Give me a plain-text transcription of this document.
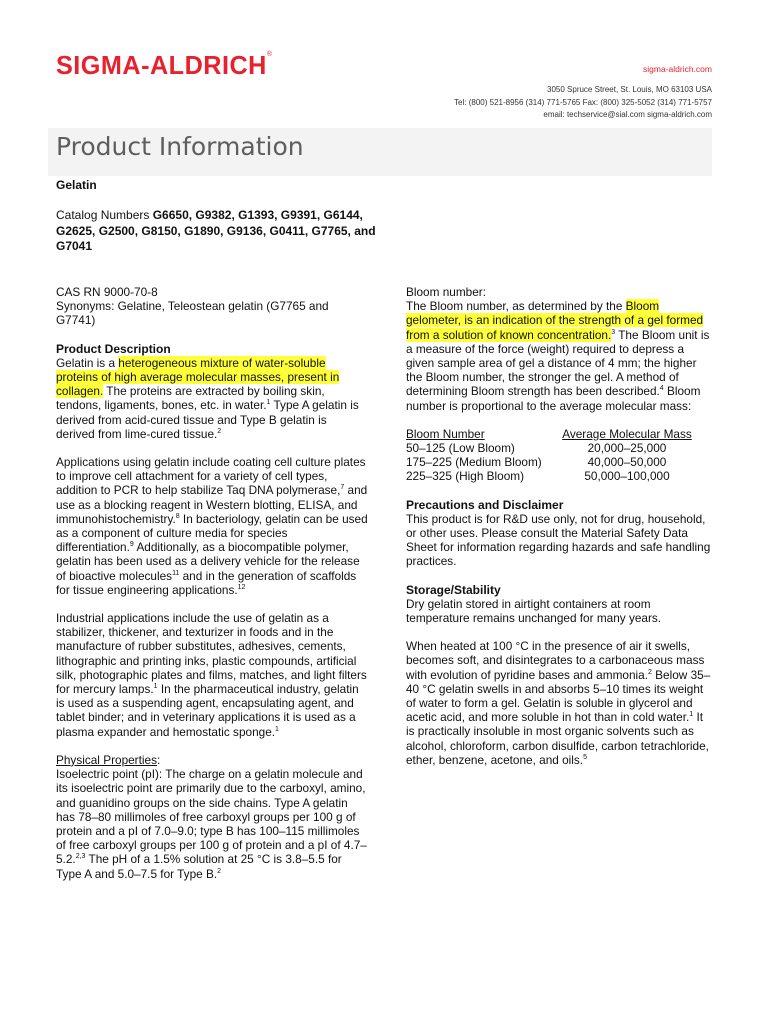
SIGMA-ALDRICH®
sigma-aldrich.com
3050 Spruce Street, St. Louis, MO 63103 USA
Tel: (800) 521-8956 (314) 771-5765 Fax: (800) 325-5052 (314) 771-5757
email: techservice@sial.com sigma-aldrich.com
Product Information
Gelatin
Catalog Numbers G6650, G9382, G1393, G9391, G6144, G2625, G2500, G8150, G1890, G9136, G0411, G7765, and G7041
CAS RN 9000-70-8

Synonyms: Gelatine, Teleostean gelatin (G7765 and G7741)

Product Description

Gelatin is a heterogeneous mixture of water-soluble proteins of high average molecular masses, present in collagen. The proteins are extracted by boiling skin, tendons, ligaments, bones, etc. in water.$^1$ Type A gelatin is derived from acid-cured tissue and Type B gelatin is derived from lime-cured tissue.$^2$

Applications using gelatin include coating cell culture plates to improve cell attachment for a variety of cell types, addition to PCR to help stabilize Taq DNA polymerase,$^7$ and use as a blocking reagent in Western blotting, ELISA, and immunohistochemistry.$^8$ In bacteriology, gelatin can be used as a component of culture media for species differentiation.$^9$ Additionally, as a biocompatible polymer, gelatin has been used as a delivery vehicle for the release of bioactive molecules$^{11}$ and in the generation of scaffolds for tissue engineering applications.$^{12}$

Industrial applications include the use of gelatin as a stabilizer, thickener, and texturizer in foods and in the manufacture of rubber substitutes, adhesives, cements, lithographic and printing inks, plastic compounds, artificial silk, photographic plates and films, matches, and light filters for mercury lamps.$^1$ In the pharmaceutical industry, gelatin is used as a suspending agent, encapsulating agent, and tablet binder; and in veterinary applications it is used as a plasma expander and hemostatic sponge.$^1$

Physical Properties:

Isoelectric point (pI): The charge on a gelatin molecule and its isoelectric point are primarily due to the carboxyl, amino, and guanidino groups on the side chains. Type A gelatin has 78–80 millimoles of free carboxyl groups per 100 g of protein and a pI of 7.0–9.0; type B has 100–115 millimoles of free carboxyl groups per 100 g of protein and a pI of 4.7–5.2.$^{2,3}$ The pH of a 1.5% solution at 25 °C is 3.8–5.5 for Type A and 5.0–7.5 for Type B.$^2$

Bloom number:

The Bloom number, as determined by the Bloom gelometer, is an indication of the strength of a gel formed from a solution of known concentration.$^3$ The Bloom unit is a measure of the force (weight) required to depress a given sample area of gel a distance of 4 mm; the higher the Bloom number, the stronger the gel. A method of determining Bloom strength has been described.$^4$ Bloom number is proportional to the average molecular mass:

Bloom Number	Average Molecular Mass
50–125 (Low Bloom)	20,000–25,000
175–225 (Medium Bloom)	40,000–50,000
225–325 (High Bloom)	50,000–100,000
Precautions and Disclaimer

This product is for R&D use only, not for drug, household, or other uses. Please consult the Material Safety Data Sheet for information regarding hazards and safe handling practices.

Storage/Stability

Dry gelatin stored in airtight containers at room temperature remains unchanged for many years.

When heated at 100 °C in the presence of air it swells, becomes soft, and disintegrates to a carbonaceous mass with evolution of pyridine bases and ammonia.$^2$ Below 35–40 °C gelatin swells in and absorbs 5–10 times its weight of water to form a gel. Gelatin is soluble in glycerol and acetic acid, and more soluble in hot than in cold water.$^1$ It is practically insoluble in most organic solvents such as alcohol, chloroform, carbon disulfide, carbon tetrachloride, ether, benzene, acetone, and oils.$^5$
